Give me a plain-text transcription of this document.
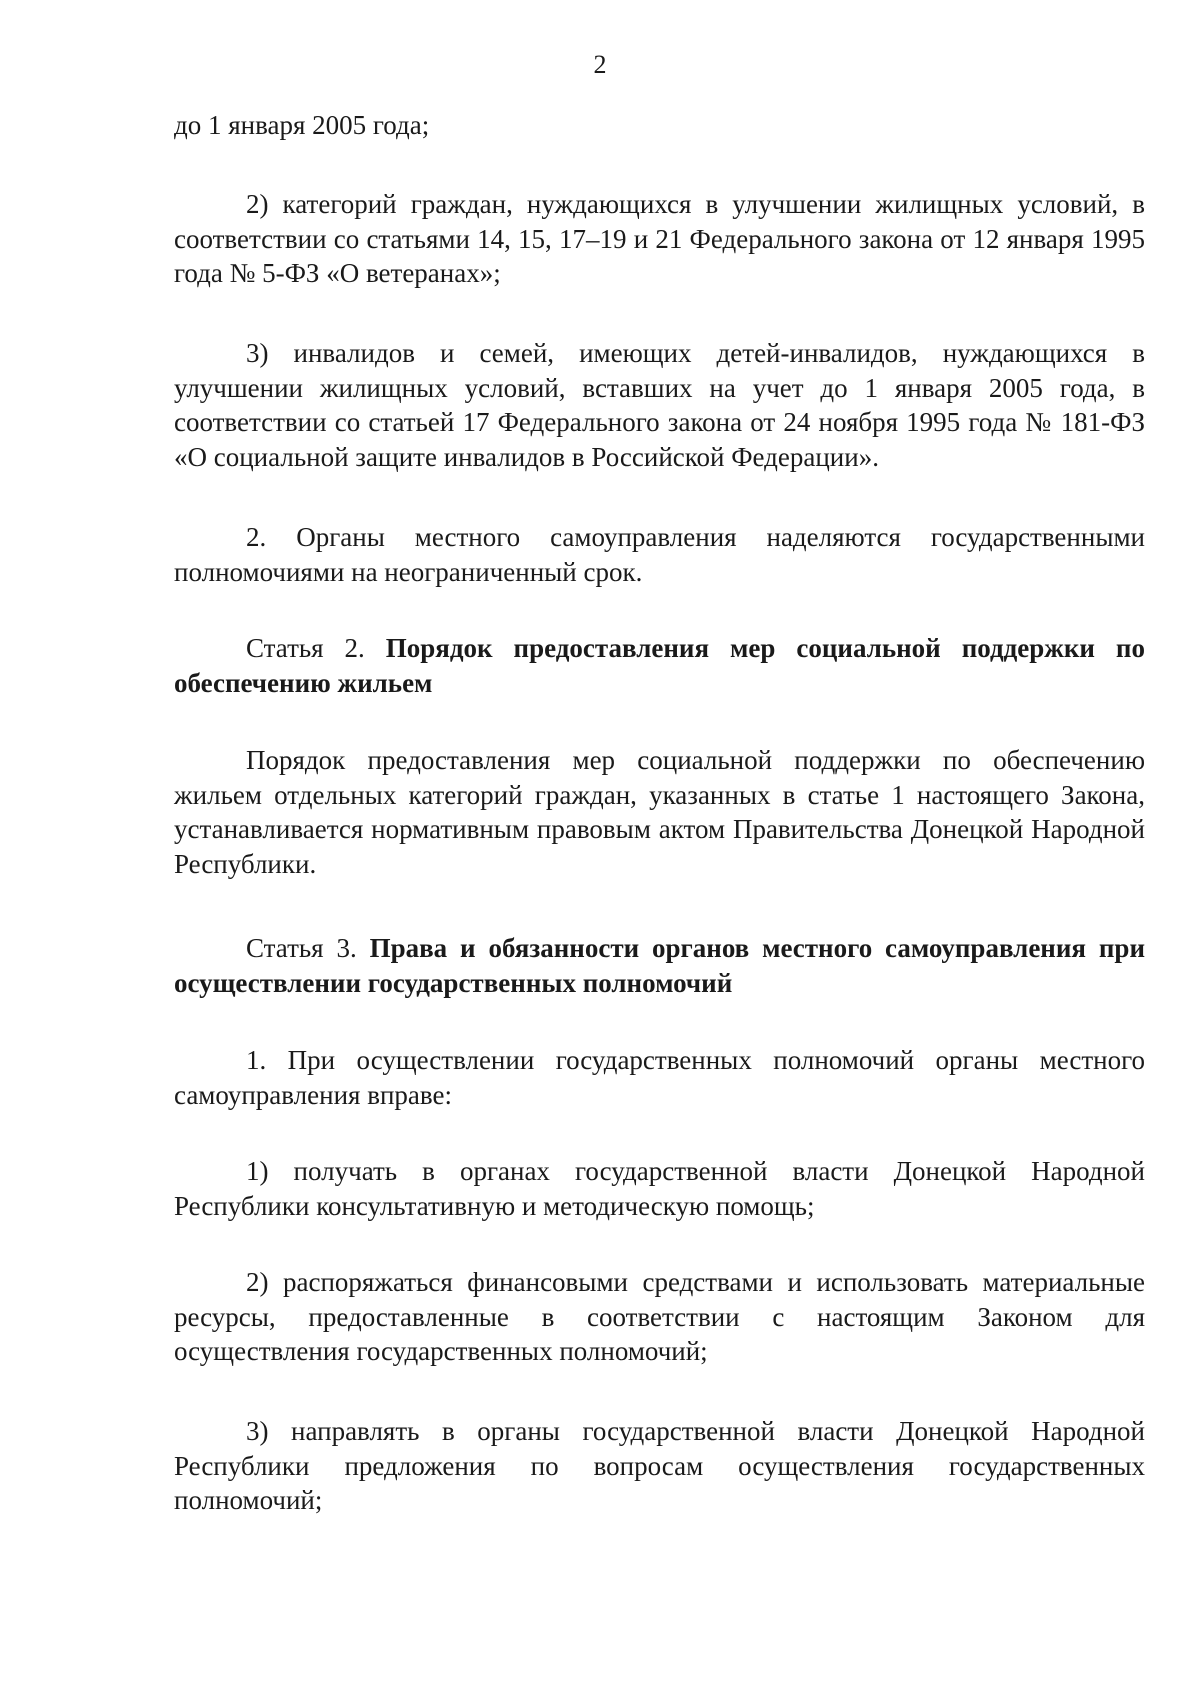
2

до 1 января 2005 года;

2) категорий граждан, нуждающихся в улучшении жилищных условий, в соответствии со статьями 14, 15, 17–19 и 21 Федерального закона от 12 января 1995 года № 5-ФЗ «О ветеранах»;

3) инвалидов и семей, имеющих детей-инвалидов, нуждающихся в улучшении жилищных условий, вставших на учет до 1 января 2005 года, в соответствии со статьей 17 Федерального закона от 24 ноября 1995 года № 181-ФЗ «О социальной защите инвалидов в Российской Федерации».

2. Органы местного самоуправления наделяются государственными полномочиями на неограниченный срок.

Статья 2. Порядок предоставления мер социальной поддержки по обеспечению жильем

Порядок предоставления мер социальной поддержки по обеспечению жильем отдельных категорий граждан, указанных в статье 1 настоящего Закона, устанавливается нормативным правовым актом Правительства Донецкой Народной Республики.

Статья 3. Права и обязанности органов местного самоуправления при осуществлении государственных полномочий

1. При осуществлении государственных полномочий органы местного самоуправления вправе:

1) получать в органах государственной власти Донецкой Народной Республики консультативную и методическую помощь;

2) распоряжаться финансовыми средствами и использовать материальные ресурсы, предоставленные в соответствии с настоящим Законом для осуществления государственных полномочий;

3) направлять в органы государственной власти Донецкой Народной Республики предложения по вопросам осуществления государственных полномочий;
